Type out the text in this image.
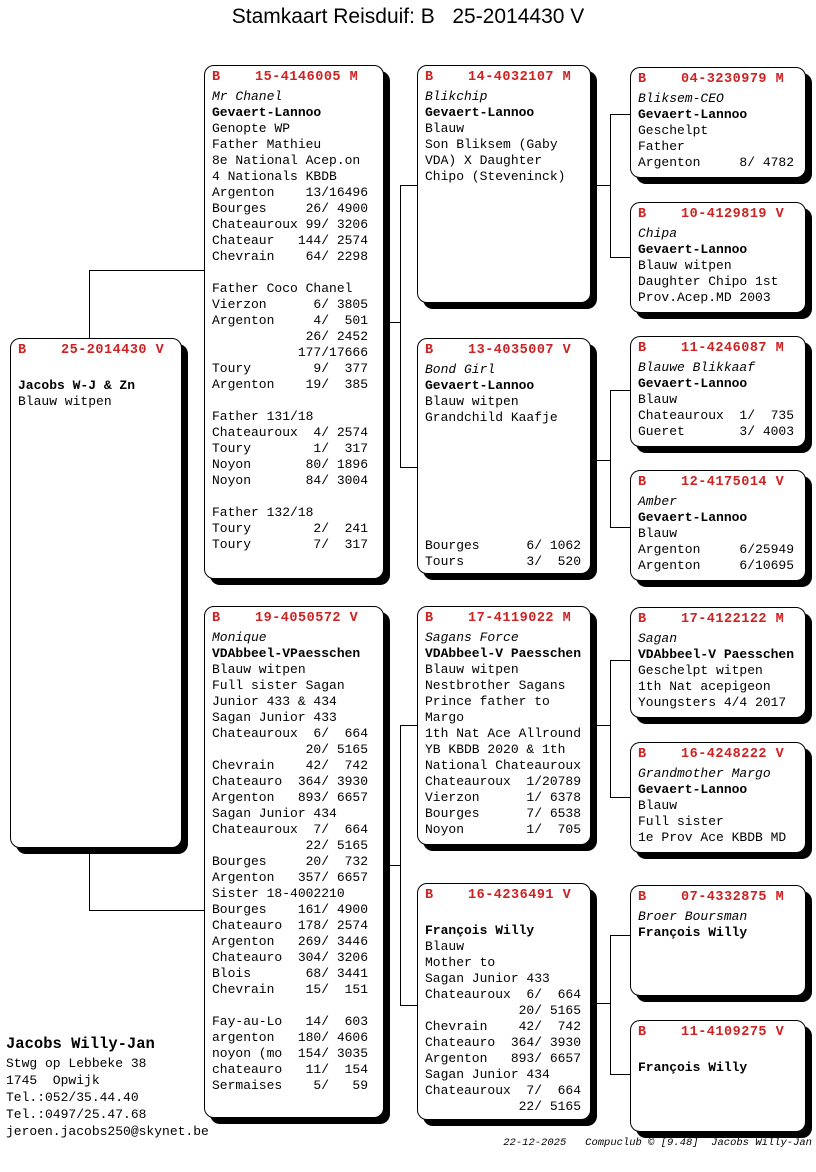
Stamkaart Reisduif: B   25-2014430 V
B    25-2014430 V
Jacobs W-J & Zn
Blauw witpen
B    15-4146005 M
Mr Chanel
Gevaert-Lannoo
Genopte WP
Father Mathieu
8e National Acep.on
4 Nationals KBDB
Argenton    13/16496
Bourges     26/ 4900
Chateauroux 99/ 3206
Chateaur   144/ 2574
Chevrain    64/ 2298
Father Coco Chanel
Vierzon      6/ 3805
Argenton     4/  501
26/ 2452
177/17666
Toury        9/  377
Argenton    19/  385
Father 131/18
Chateauroux  4/ 2574
Toury        1/  317
Noyon       80/ 1896
Noyon       84/ 3004
Father 132/18
Toury        2/  241
Toury        7/  317
B    19-4050572 V
Monique
VDAbbeel-VPaesschen
Blauw witpen
Full sister Sagan
Junior 433 & 434
Sagan Junior 433
Chateauroux  6/  664
20/ 5165
Chevrain    42/  742
Chateauro  364/ 3930
Argenton   893/ 6657
Sagan Junior 434
Chateauroux  7/  664
22/ 5165
Bourges     20/  732
Argenton   357/ 6657
Sister 18-4002210
Bourges    161/ 4900
Chateauro  178/ 2574
Argenton   269/ 3446
Chateauro  304/ 3206
Blois       68/ 3441
Chevrain    15/  151
Fay-au-Lo   14/  603
argenton   180/ 4606
noyon (mo  154/ 3035
chateauro   11/  154
Sermaises    5/   59
B    14-4032107 M
Blikchip
Gevaert-Lannoo
Blauw
Son Bliksem (Gaby
VDA) X Daughter
Chipo (Steveninck)
B    13-4035007 V
Bond Girl
Gevaert-Lannoo
Blauw witpen
Grandchild Kaafje
Bourges      6/ 1062
Tours        3/  520
B    17-4119022 M
Sagans Force
VDAbbeel-V Paesschen
Blauw witpen
Nestbrother Sagans
Prince father to
Margo
1th Nat Ace Allround
YB KBDB 2020 & 1th
National Chateauroux
Chateauroux  1/20789
Vierzon      1/ 6378
Bourges      7/ 6538
Noyon        1/  705
B    16-4236491 V
François Willy
Blauw
Mother to
Sagan Junior 433
Chateauroux  6/  664
20/ 5165
Chevrain    42/  742
Chateauro  364/ 3930
Argenton   893/ 6657
Sagan Junior 434
Chateauroux  7/  664
22/ 5165
B    04-3230979 M
Bliksem-CEO
Gevaert-Lannoo
Geschelpt
Father
Argenton     8/ 4782
B    10-4129819 V
Chipa
Gevaert-Lannoo
Blauw witpen
Daughter Chipo 1st
Prov.Acep.MD 2003
B    11-4246087 M
Blauwe Blikkaaf
Gevaert-Lannoo
Blauw
Chateauroux  1/  735
Gueret       3/ 4003
B    12-4175014 V
Amber
Gevaert-Lannoo
Blauw
Argenton     6/25949
Argenton     6/10695
B    17-4122122 M
Sagan
VDAbbeel-V Paesschen
Geschelpt witpen
1th Nat acepigeon
Youngsters 4/4 2017
B    16-4248222 V
Grandmother Margo
Gevaert-Lannoo
Blauw
Full sister
1e Prov Ace KBDB MD
B    07-4332875 M
Broer Boursman
François Willy
B    11-4109275 V
François Willy
Jacobs Willy-Jan
Stwg op Lebbeke 38
1745  Opwijk
Tel.:052/35.44.40
Tel.:0497/25.47.68
jeroen.jacobs250@skynet.be
22-12-2025   Compuclub © [9.48]  Jacobs Willy-Jan
